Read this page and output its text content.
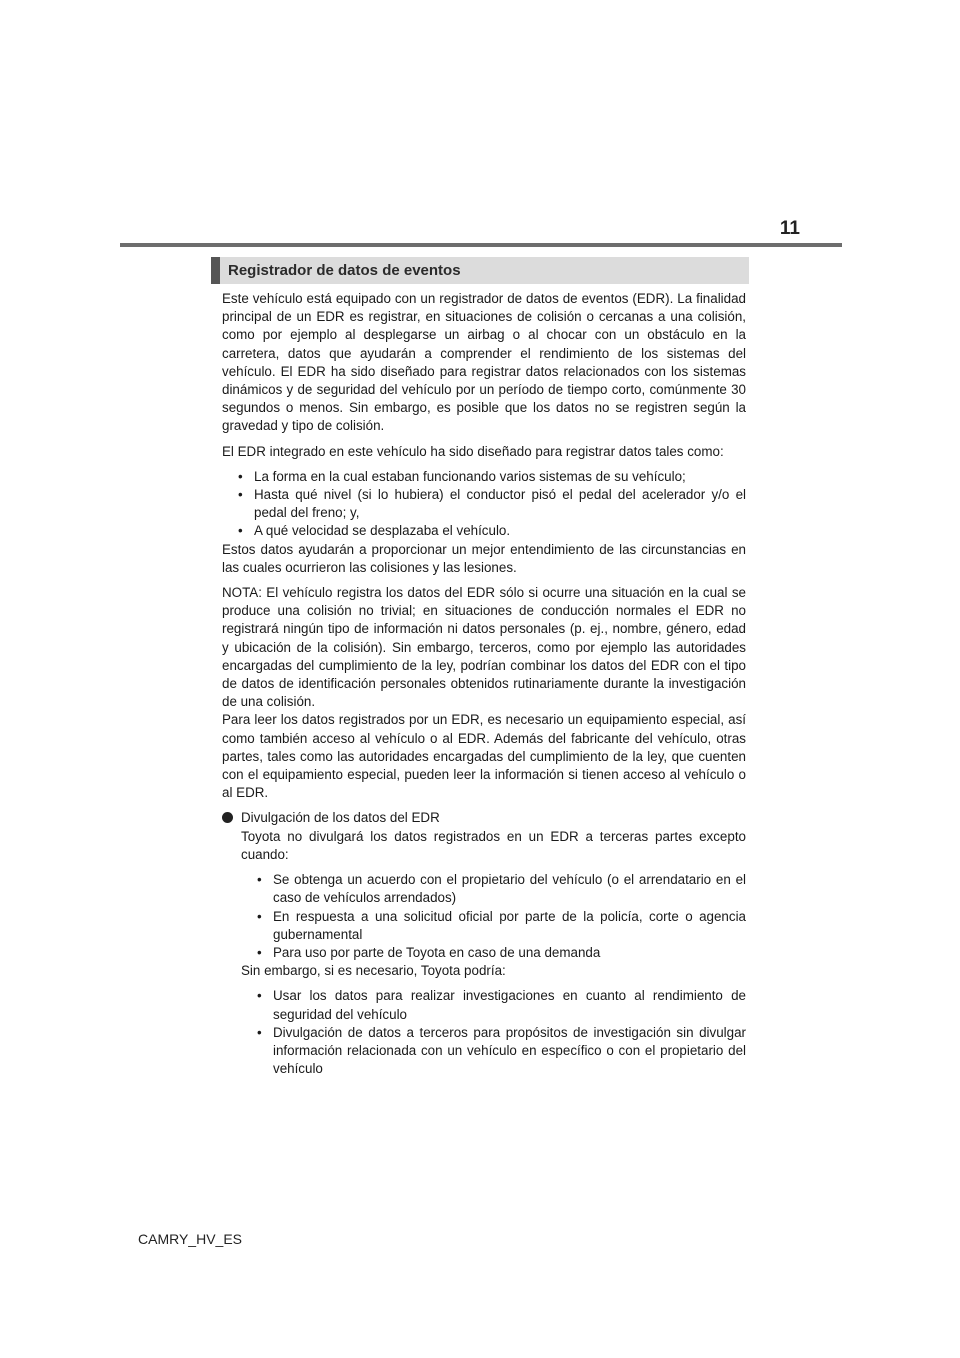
11
Registrador de datos de eventos

Este vehículo está equipado con un registrador de datos de eventos (EDR). La finalidad principal de un EDR es registrar, en situaciones de colisión o cercanas a una colisión, como por ejemplo al desplegarse un airbag o al chocar con un obstáculo en la carretera, datos que ayudarán a comprender el rendimiento de los sistemas del vehículo. El EDR ha sido diseñado para registrar datos relacionados con los sistemas dinámicos y de seguridad del vehículo por un período de tiempo corto, comúnmente 30 segundos o menos. Sin embargo, es posible que los datos no se registren según la gravedad y tipo de colisión.

El EDR integrado en este vehículo ha sido diseñado para registrar datos tales como:

• La forma en la cual estaban funcionando varios sistemas de su vehículo;
• Hasta qué nivel (si lo hubiera) el conductor pisó el pedal del acelerador y/o el pedal del freno; y,
• A qué velocidad se desplazaba el vehículo.

Estos datos ayudarán a proporcionar un mejor entendimiento de las circunstancias en las cuales ocurrieron las colisiones y las lesiones.

NOTA: El vehículo registra los datos del EDR sólo si ocurre una situación en la cual se produce una colisión no trivial; en situaciones de conducción normales el EDR no registrará ningún tipo de información ni datos personales (p. ej., nombre, género, edad y ubicación de la colisión). Sin embargo, terceros, como por ejemplo las autoridades encargadas del cumplimiento de la ley, podrían combinar los datos del EDR con el tipo de datos de identificación personales obtenidos rutinariamente durante la investigación de una colisión.

Para leer los datos registrados por un EDR, es necesario un equipamiento especial, así como también acceso al vehículo o al EDR. Además del fabricante del vehículo, otras partes, tales como las autoridades encargadas del cumplimiento de la ley, que cuenten con el equipamiento especial, pueden leer la información si tienen acceso al vehículo o al EDR.

Divulgación de los datos del EDR

Toyota no divulgará los datos registrados en un EDR a terceras partes excepto cuando:

• Se obtenga un acuerdo con el propietario del vehículo (o el arrendatario en el caso de vehículos arrendados)
• En respuesta a una solicitud oficial por parte de la policía, corte o agencia gubernamental
• Para uso por parte de Toyota en caso de una demanda

Sin embargo, si es necesario, Toyota podría:

• Usar los datos para realizar investigaciones en cuanto al rendimiento de seguridad del vehículo
• Divulgación de datos a terceros para propósitos de investigación sin divulgar información relacionada con un vehículo en específico o con el propietario del vehículo
CAMRY_HV_ES
